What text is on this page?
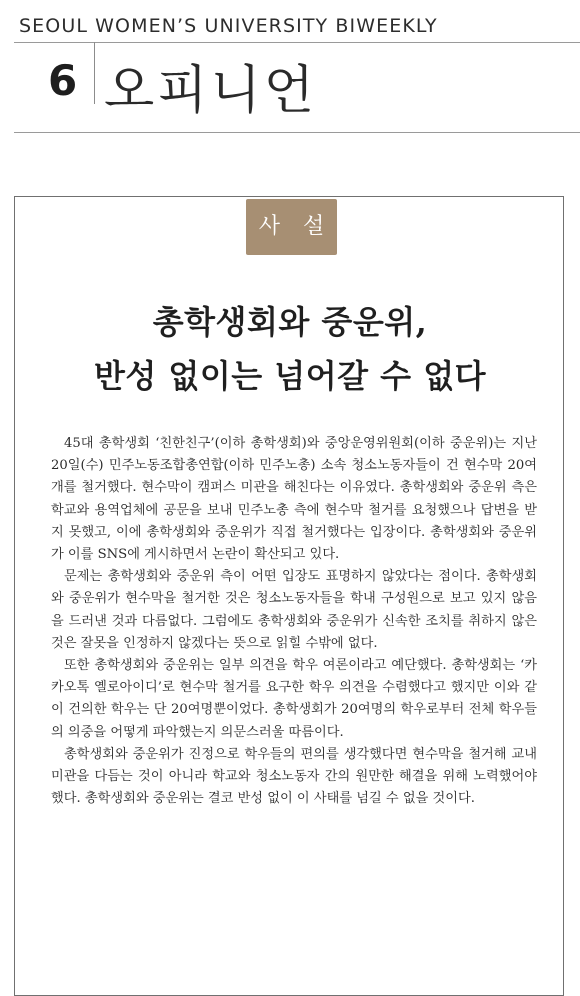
SEOUL WOMEN’S UNIVERSITY BIWEEKLY
6 오피니언
사 설
총학생회와 중운위,
반성 없이는 넘어갈 수 없다

45대 총학생회 ‘친한친구’(이하 총학생회)와 중앙운영위원회(이하 중운위)는 지난 20일(수) 민주노동조합총연합(이하 민주노총) 소속 청소노동자들이 건 현수막 20여개를 철거했다. 현수막이 캠퍼스 미관을 해친다는 이유였다. 총학생회와 중운위 측은 학교와 용역업체에 공문을 보내 민주노총 측에 현수막 철거를 요청했으나 답변을 받지 못했고, 이에 총학생회와 중운위가 직접 철거했다는 입장이다. 총학생회와 중운위가 이를 SNS에 게시하면서 논란이 확산되고 있다.

문제는 총학생회와 중운위 측이 어떤 입장도 표명하지 않았다는 점이다. 총학생회와 중운위가 현수막을 철거한 것은 청소노동자들을 학내 구성원으로 보고 있지 않음을 드러낸 것과 다름없다. 그럼에도 총학생회와 중운위가 신속한 조치를 취하지 않은 것은 잘못을 인정하지 않겠다는 뜻으로 읽힐 수밖에 없다.

또한 총학생회와 중운위는 일부 의견을 학우 여론이라고 예단했다. 총학생회는 ‘카카오톡 옐로아이디’로 현수막 철거를 요구한 학우 의견을 수렴했다고 했지만 이와 같이 건의한 학우는 단 20여명뿐이었다. 총학생회가 20여명의 학우로부터 전체 학우들의 의중을 어떻게 파악했는지 의문스러울 따름이다.

총학생회와 중운위가 진정으로 학우들의 편의를 생각했다면 현수막을 철거해 교내 미관을 다듬는 것이 아니라 학교와 청소노동자 간의 원만한 해결을 위해 노력했어야 했다. 총학생회와 중운위는 결코 반성 없이 이 사태를 넘길 수 없을 것이다.
